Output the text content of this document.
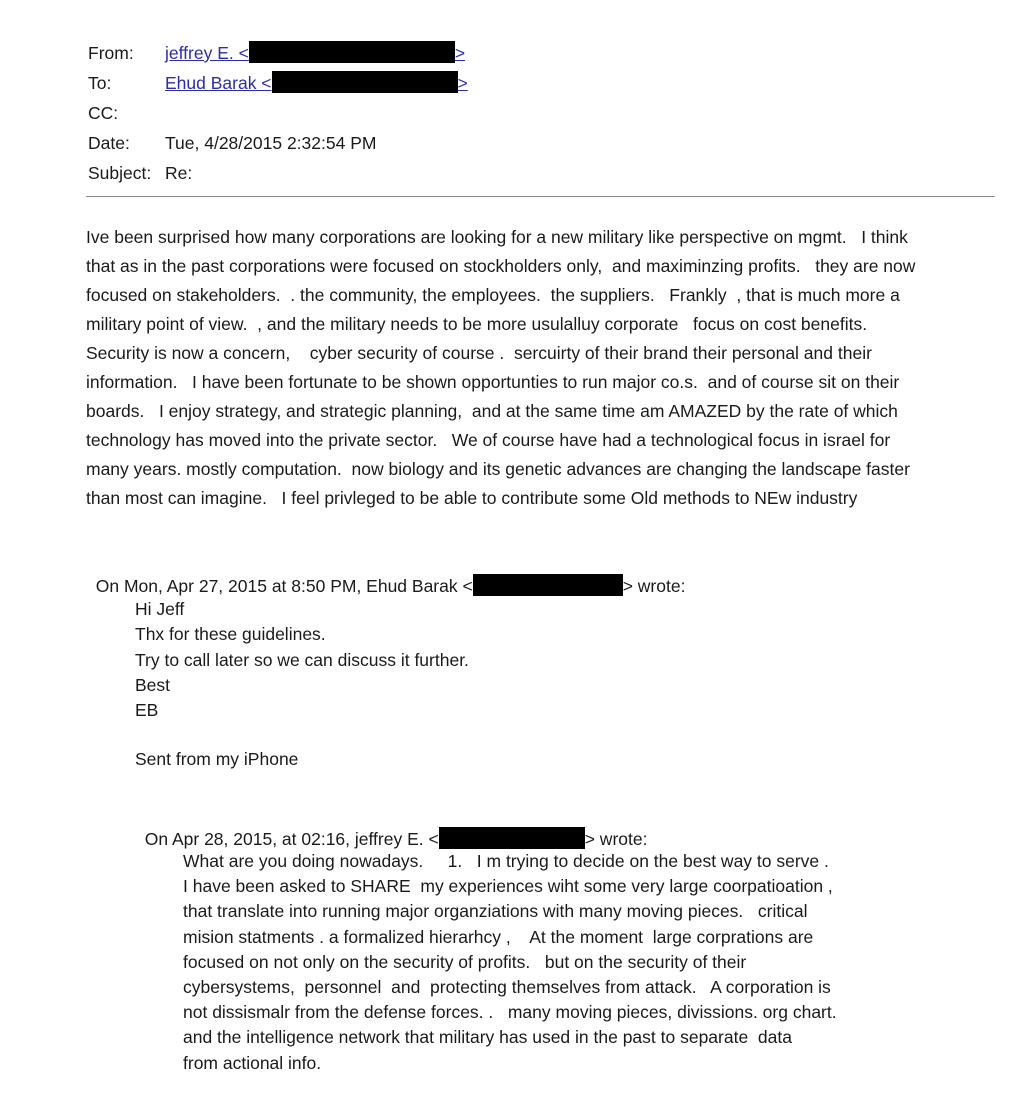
From:	jeffrey E. <	>
To:	Ehud Barak <	>
CC:
Date:	Tue, 4/28/2015 2:32:54 PM
Subject: Re:
Ive been surprised how many corporations are looking for a new military like perspective on mgmt.   I think
that as in the past corporations were focused on stockholders only,  and maximinzing profits.   they are now
focused on stakeholders.  . the community, the employees.  the suppliers.   Frankly  , that is much more a
military point of view.  , and the military needs to be more usulalluy corporate   focus on cost benefits.
Security is now a concern,    cyber security of course .  sercuirty of their brand their personal and their
information.   I have been fortunate to be shown opportunties to run major co.s.  and of course sit on their
boards.   I enjoy strategy, and strategic planning,  and at the same time am AMAZED by the rate of which
technology has moved into the private sector.   We of course have had a technological focus in israel for
many years. mostly computation.  now biology and its genetic advances are changing the landscape faster
than most can imagine.   I feel privleged to be able to contribute some Old methods to NEw industry

On Mon, Apr 27, 2015 at 8:50 PM, Ehud Barak <	> wrote:

Hi Jeff
Thx for these guidelines.
Try to call later so we can discuss it further.
Best
EB
Sent from my iPhone

On Apr 28, 2015, at 02:16, jeffrey E. <	> wrote:

What are you doing nowadays.     1.   I m trying to decide on the best way to serve .
I have been asked to SHARE  my experiences wiht some very large coorpatioation ,
that translate into running major organziations with many moving pieces.   critical
mision statments . a formalized hierarhcy ,    At the moment  large corprations are
focused on not only on the security of profits.   but on the security of their
cybersystems,  personnel  and  protecting themselves from attack.   A corporation is
not dissismalr from the defense forces. .   many moving pieces, divissions. org chart.
and the intelligence network that military has used in the past to separate  data
from actional info.
